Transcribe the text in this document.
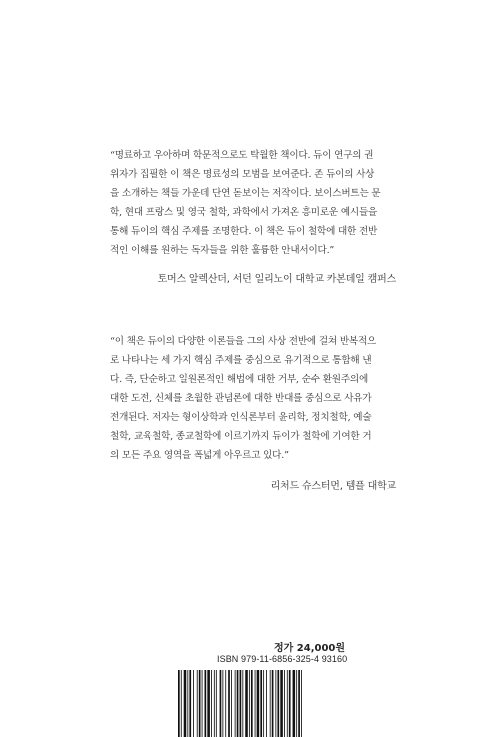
“명료하고 우아하며 학문적으로도 탁월한 책이다. 듀이 연구의 권

위자가 집필한 이 책은 명료성의 모범을 보여준다. 존 듀이의 사상

을 소개하는 책들 가운데 단연 돋보이는 저작이다. 보이스버트는 문

학, 현대 프랑스 및 영국 철학, 과학에서 가져온 흥미로운 예시들을

통해 듀이의 핵심 주제를 조명한다. 이 책은 듀이 철학에 대한 전반

적인 이해를 원하는 독자들을 위한 훌륭한 안내서이다.”

토머스 알렉산더, 서던 일리노이 대학교 카본데일 캠퍼스

“이 책은 듀이의 다양한 이론들을 그의 사상 전반에 걸쳐 반복적으

로 나타나는 세 가지 핵심 주제를 중심으로 유기적으로 통합해 낸

다. 즉, 단순하고 일원론적인 해법에 대한 거부, 순수 환원주의에

대한 도전, 신체를 초월한 관념론에 대한 반대를 중심으로 사유가

전개된다. 저자는 형이상학과 인식론부터 윤리학, 정치철학, 예술

철학, 교육철학, 종교철학에 이르기까지 듀이가 철학에 기여한 거

의 모든 주요 영역을 폭넓게 아우르고 있다.”

리처드 슈스터먼, 템플 대학교
정가 24,000원
ISBN 979-11-6856-325-4 93160
